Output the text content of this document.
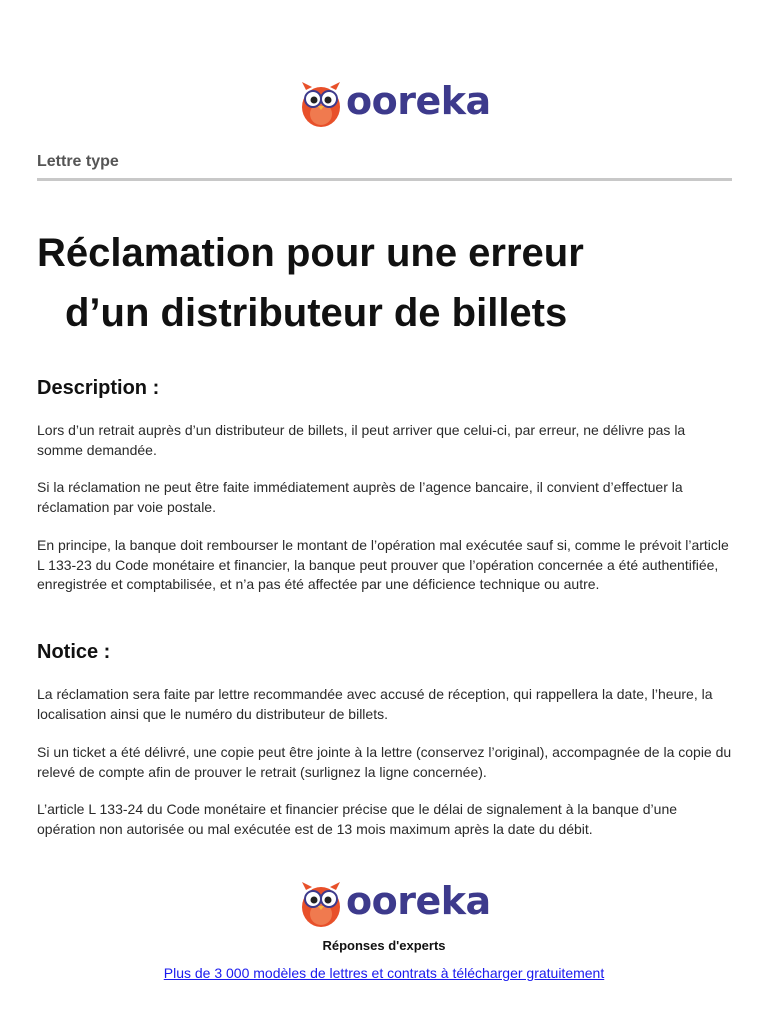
ooreka
Lettre type
Réclamation pour une erreur
d’un distributeur de billets
Description :

Lors d’un retrait auprès d’un distributeur de billets, il peut arriver que celui-ci, par erreur, ne délivre pas la somme demandée.

Si la réclamation ne peut être faite immédiatement auprès de l’agence bancaire, il convient d’effectuer la réclamation par voie postale.

En principe, la banque doit rembourser le montant de l’opération mal exécutée sauf si, comme le prévoit l’article L 133-23 du Code monétaire et financier, la banque peut prouver que l’opération concernée a été authentifiée, enregistrée et comptabilisée, et n’a pas été affectée par une déficience technique ou autre.

Notice :

La réclamation sera faite par lettre recommandée avec accusé de réception, qui rappellera la date, l’heure, la localisation ainsi que le numéro du distributeur de billets.

Si un ticket a été délivré, une copie peut être jointe à la lettre (conservez l’original), accompagnée de la copie du relevé de compte afin de prouver le retrait (surlignez la ligne concernée).

L’article L 133-24 du Code monétaire et financier précise que le délai de signalement à la banque d’une opération non autorisée ou mal exécutée est de 13 mois maximum après la date du débit.

ooreka
Réponses d'experts
Plus de 3 000 modèles de lettres et contrats à télécharger gratuitement
